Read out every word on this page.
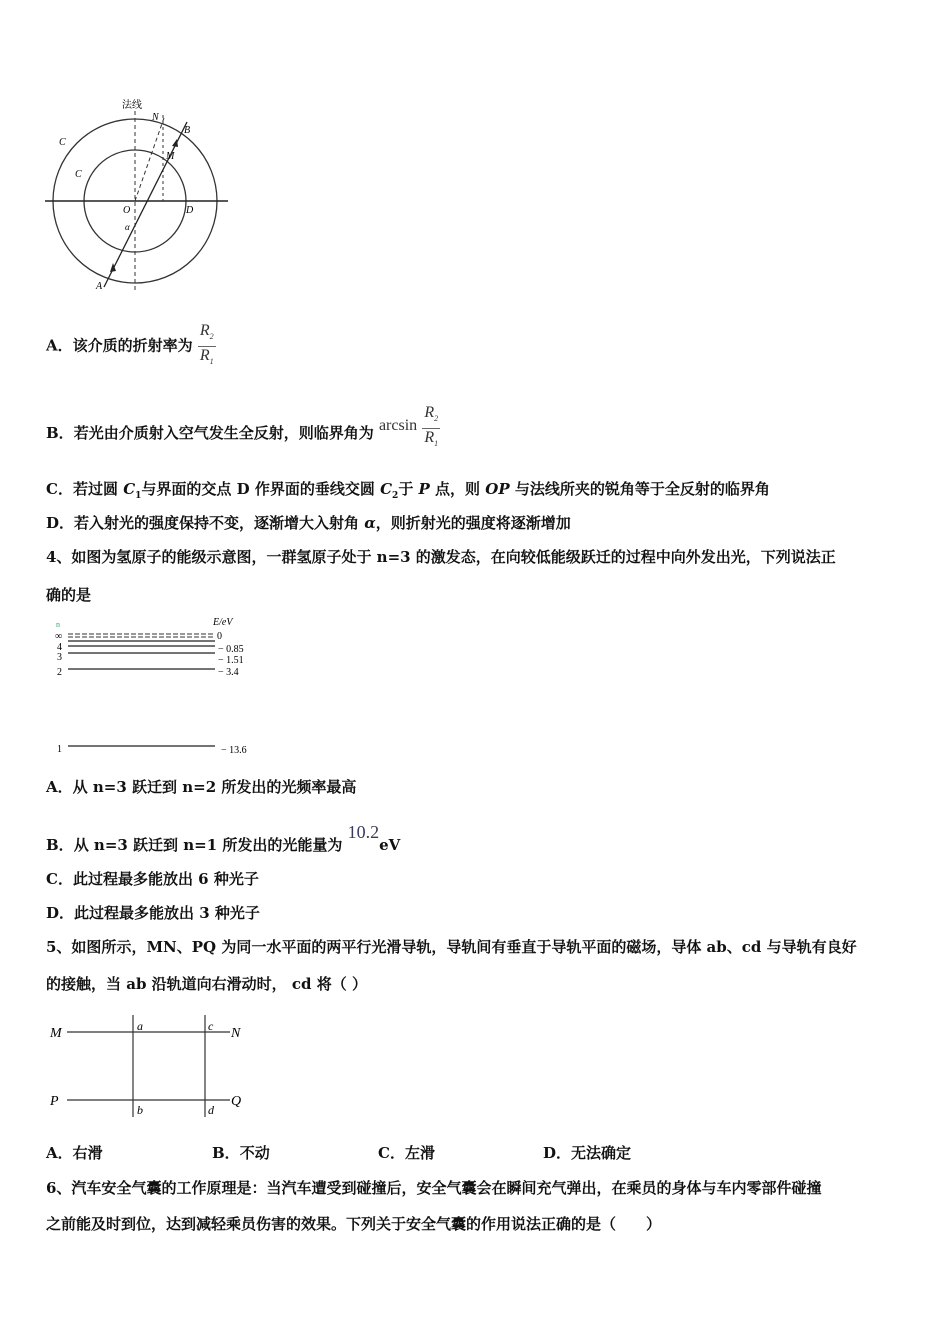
法线
N
B
M
C
C
O	D
α
A
A．该介质的折射率为 $\frac{R_2}{R_1}$
B．若光由介质射入空气发生全反射，则临界角为 $\arcsin \frac{R_2}{R_1}$
C．若过圆 $C_1$与界面的交点 D 作界面的垂线交圆 $C_2$于 P 点，则 OP 与法线所夹的锐角等于全反射的临界角
D．若入射光的强度保持不变，逐渐增大入射角 α，则折射光的强度将逐渐增加
4、如图为氢原子的能级示意图，一群氢原子处于 n=3 的激发态，在向较低能级跃迁的过程中向外发出光，下列说法正
确的是
n	E/eV
∞
4
3
2
1
0
− 0.85
− 1.51
− 3.4
− 13.6
A．从 n=3 跃迁到 n=2 所发出的光频率最高
B．从 n=3 跃迁到 n=1 所发出的光能量为 10.2eV
C．此过程最多能放出 6 种光子
D．此过程最多能放出 3 种光子
5、如图所示，MN、PQ 为同一水平面的两平行光滑导轨，导轨间有垂直于导轨平面的磁场，导体 ab、cd 与导轨有良好
的接触，当 ab 沿轨道向右滑动时， cd 将（ ）
M	N
P	Q
a	c
b	d
A．右滑	B．不动	C．左滑	D．无法确定
6、汽车安全气囊的工作原理是：当汽车遭受到碰撞后，安全气囊会在瞬间充气弹出，在乘员的身体与车内零部件碰撞
之前能及时到位，达到减轻乘员伤害的效果。下列关于安全气囊的作用说法正确的是（　　）
